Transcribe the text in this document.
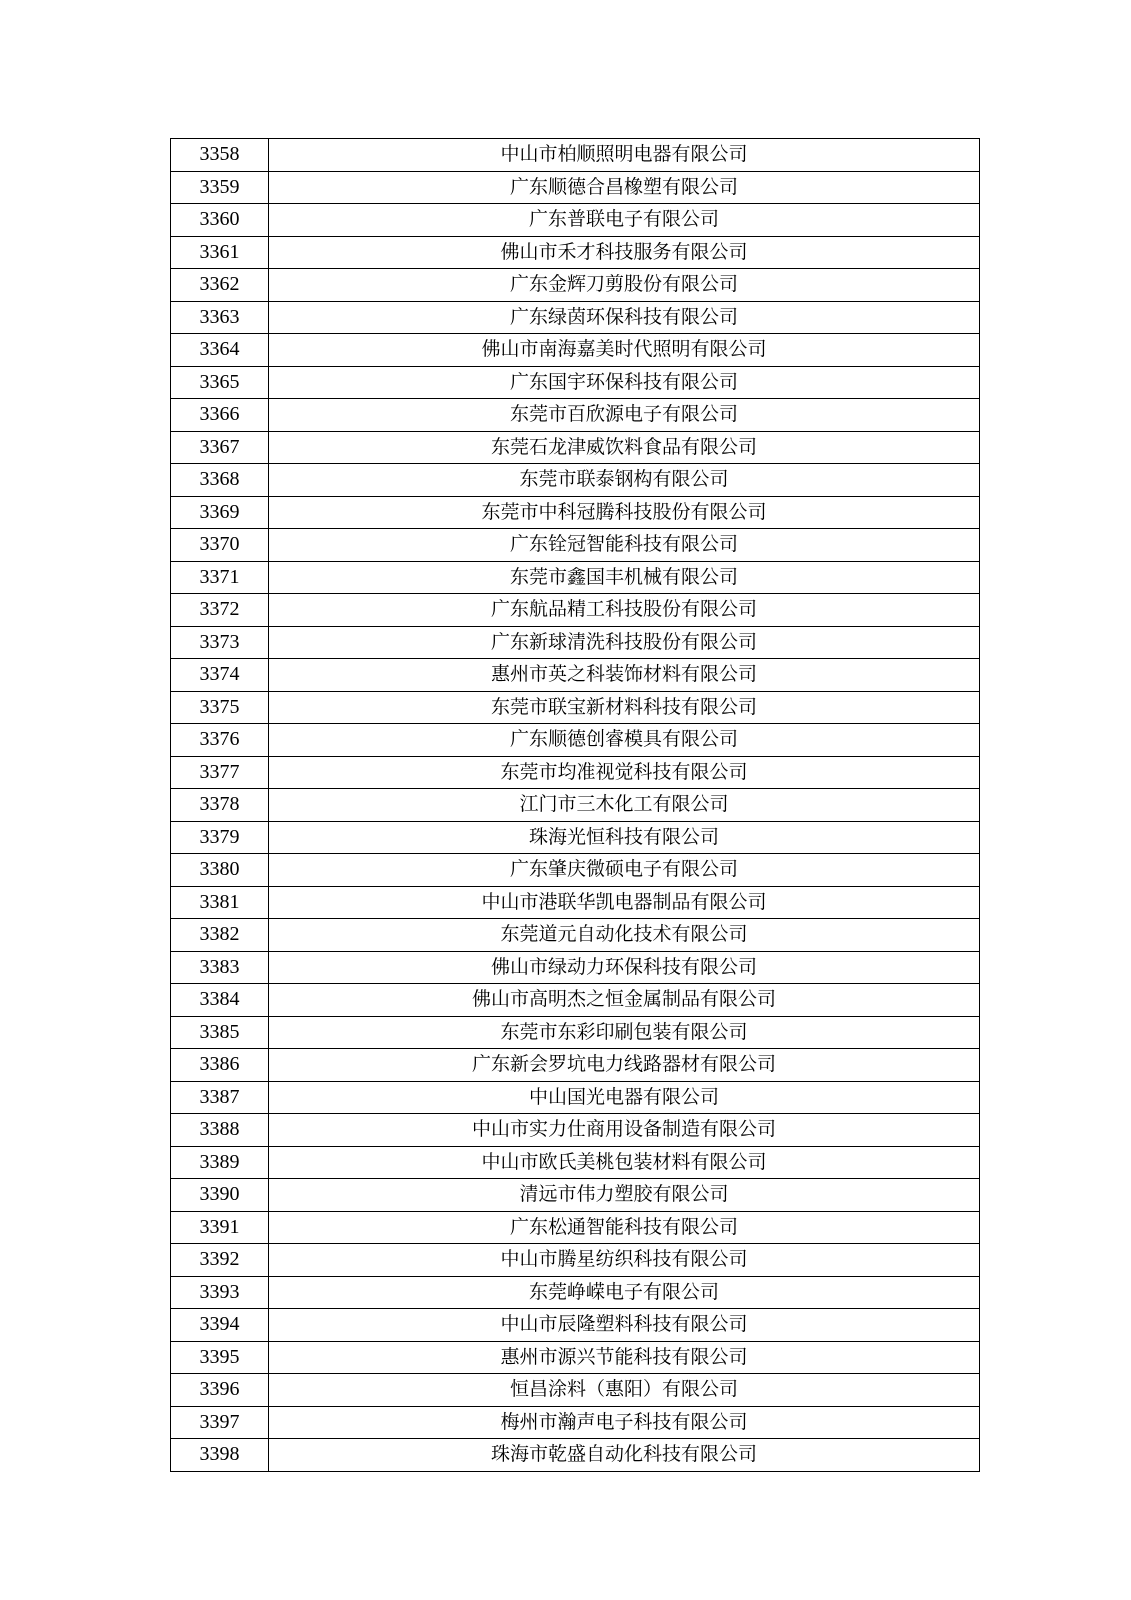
3358	中山市柏顺照明电器有限公司
3359	广东顺德合昌橡塑有限公司
3360	广东普联电子有限公司
3361	佛山市禾才科技服务有限公司
3362	广东金辉刀剪股份有限公司
3363	广东绿茵环保科技有限公司
3364	佛山市南海嘉美时代照明有限公司
3365	广东国宇环保科技有限公司
3366	东莞市百欣源电子有限公司
3367	东莞石龙津威饮料食品有限公司
3368	东莞市联泰钢构有限公司
3369	东莞市中科冠腾科技股份有限公司
3370	广东铨冠智能科技有限公司
3371	东莞市鑫国丰机械有限公司
3372	广东航品精工科技股份有限公司
3373	广东新球清洗科技股份有限公司
3374	惠州市英之科装饰材料有限公司
3375	东莞市联宝新材料科技有限公司
3376	广东顺德创睿模具有限公司
3377	东莞市均准视觉科技有限公司
3378	江门市三木化工有限公司
3379	珠海光恒科技有限公司
3380	广东肇庆微硕电子有限公司
3381	中山市港联华凯电器制品有限公司
3382	东莞道元自动化技术有限公司
3383	佛山市绿动力环保科技有限公司
3384	佛山市高明杰之恒金属制品有限公司
3385	东莞市东彩印刷包装有限公司
3386	广东新会罗坑电力线路器材有限公司
3387	中山国光电器有限公司
3388	中山市实力仕商用设备制造有限公司
3389	中山市欧氏美桃包装材料有限公司
3390	清远市伟力塑胶有限公司
3391	广东松通智能科技有限公司
3392	中山市腾星纺织科技有限公司
3393	东莞峥嵘电子有限公司
3394	中山市辰隆塑料科技有限公司
3395	惠州市源兴节能科技有限公司
3396	恒昌涂料（惠阳）有限公司
3397	梅州市瀚声电子科技有限公司
3398	珠海市乾盛自动化科技有限公司
